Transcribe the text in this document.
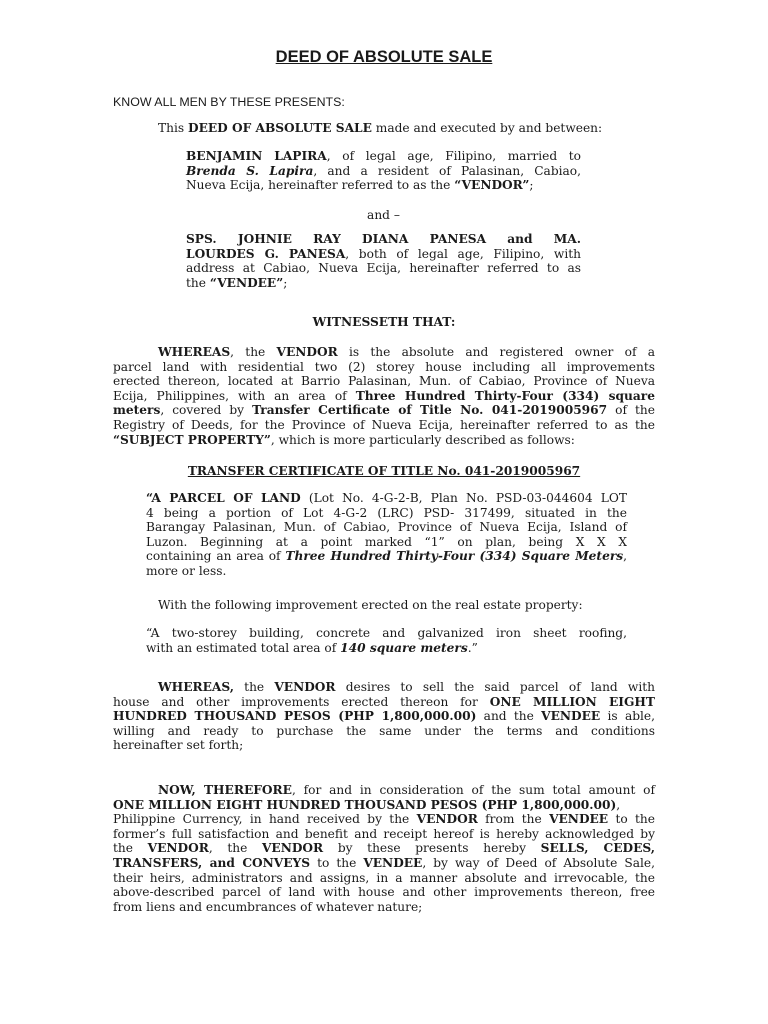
DEED OF ABSOLUTE SALE
KNOW ALL MEN BY THESE PRESENTS:

This DEED OF ABSOLUTE SALE made and executed by and between:

BENJAMIN LAPIRA, of legal age, Filipino, married to

Brenda S. Lapira, and a resident of Palasinan, Cabiao,

Nueva Ecija, hereinafter referred to as the “VENDOR”;

and –

SPS. JOHNIE RAY DIANA PANESA and MA.

LOURDES G. PANESA, both of legal age, Filipino, with

address at Cabiao, Nueva Ecija, hereinafter referred to as

the “VENDEE”;

WITNESSETH THAT:

WHEREAS, the VENDOR is the absolute and registered owner of a

parcel land with residential two (2) storey house including all improvements

erected thereon, located at Barrio Palasinan, Mun. of Cabiao, Province of Nueva

Ecija, Philippines, with an area of Three Hundred Thirty-Four (334) square

meters, covered by Transfer Certificate of Title No. 041-2019005967 of the

Registry of Deeds, for the Province of Nueva Ecija, hereinafter referred to as the

“SUBJECT PROPERTY”, which is more particularly described as follows:

TRANSFER CERTIFICATE OF TITLE No. 041-2019005967

“A PARCEL OF LAND (Lot No. 4-G-2-B, Plan No. PSD-03-044604 LOT

4 being a portion of Lot 4-G-2 (LRC) PSD- 317499, situated in the

Barangay Palasinan, Mun. of Cabiao, Province of Nueva Ecija, Island of

Luzon. Beginning at a point marked “1” on plan, being X X X

containing an area of Three Hundred Thirty-Four (334) Square Meters,

more or less.

With the following improvement erected on the real estate property:

“A two-storey building, concrete and galvanized iron sheet roofing,

with an estimated total area of 140 square meters.”

WHEREAS, the VENDOR desires to sell the said parcel of land with

house and other improvements erected thereon for ONE MILLION EIGHT

HUNDRED THOUSAND PESOS (PHP 1,800,000.00) and the VENDEE is able,

willing and ready to purchase the same under the terms and conditions

hereinafter set forth;

NOW, THEREFORE, for and in consideration of the sum total amount of

ONE MILLION EIGHT HUNDRED THOUSAND PESOS (PHP 1,800,000.00),

Philippine Currency, in hand received by the VENDOR from the VENDEE to the

former’s full satisfaction and benefit and receipt hereof is hereby acknowledged by

the VENDOR, the VENDOR by these presents hereby SELLS, CEDES,

TRANSFERS, and CONVEYS to the VENDEE, by way of Deed of Absolute Sale,

their heirs, administrators and assigns, in a manner absolute and irrevocable, the

above-described parcel of land with house and other improvements thereon, free

from liens and encumbrances of whatever nature;
